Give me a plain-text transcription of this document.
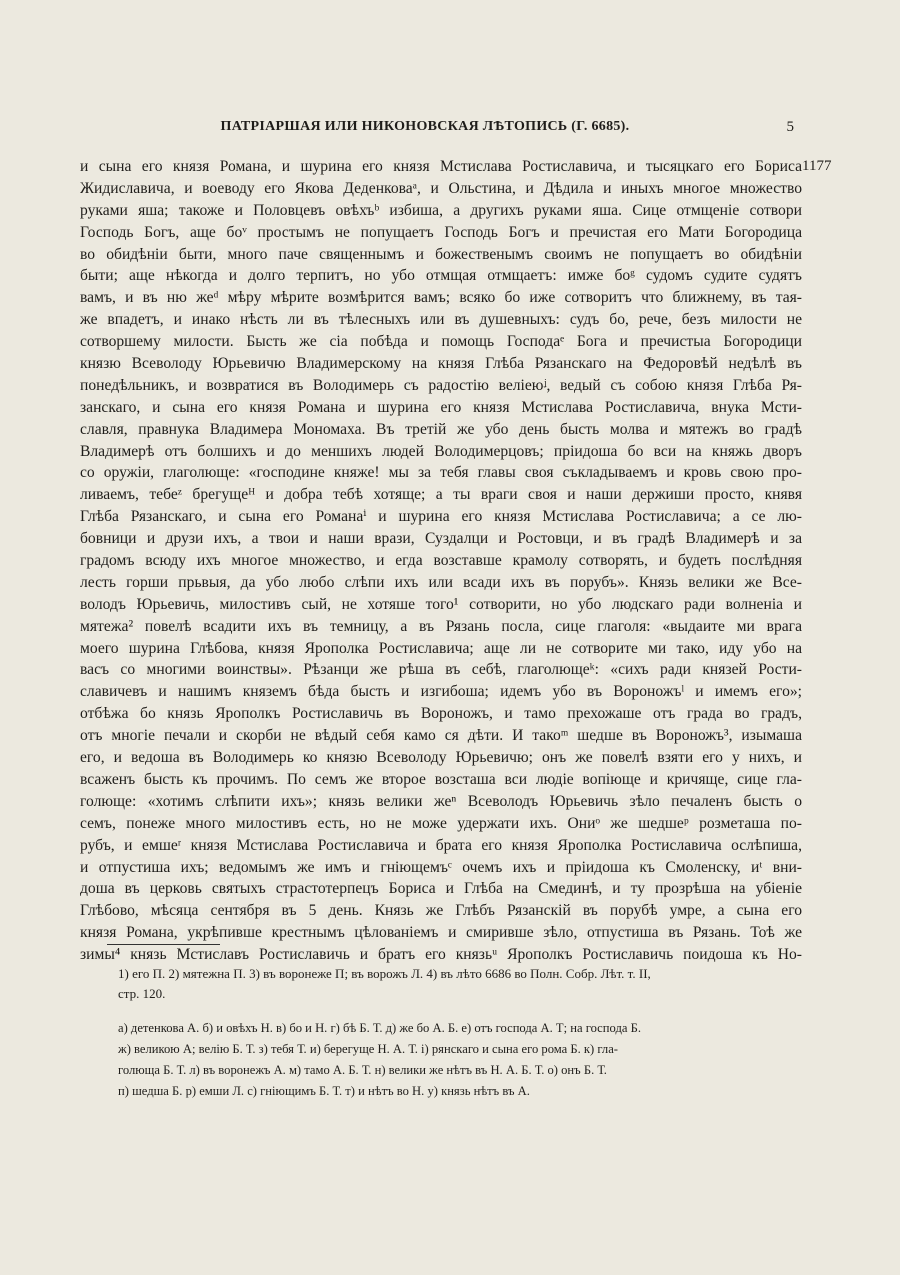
ПАТРІАРШАЯ ИЛИ НИКОНОВСКАЯ ЛѢТОПИСЬ (Г. 6685).	5
1177
и сына его князя Романа, и шурина его князя Мстислава Ростиславича, и тысяцкаго его Бориса
Жидиславича, и воеводу его Якова Деденковаᵃ, и Ольстина, и Дѣдила и иныхъ многое множество
руками яша; такоже и Половцевъ овѣхъᵇ избиша, а другихъ руками яша. Сице отмщеніе сотвори
Господь Богъ, аще боᵛ простымъ не попущаетъ Господь Богъ и пречистая его Мати Богородица
во обидѣніи быти, много паче священнымъ и божественымъ своимъ не попущаетъ во обидѣніи
быти; аще нѣкогда и долго терпитъ, но убо отмщая отмщаетъ: имже боᵍ судомъ судите судятъ
вамъ, и въ ню жеᵈ мѣру мѣрите возмѣрится вамъ; всяко бо иже сотворитъ что ближнему, въ тая-
же впадетъ, и инако нѣсть ли въ тѣлесныхъ или въ душевныхъ: судъ бо, рече, безъ милости не
сотворшему милости. Бысть же сіа побѣда и помощь Господаᵉ Бога и пречистыа Богородици
князю Всеволоду Юрьевичю Владимерскому на князя Глѣба Рязанскаго на Федоровѣй недѣлѣ въ
понедѣльникъ, и возвратися въ Володимерь съ радостію веліеюᶨ, ведый съ собою князя Глѣба Ря-
занскаго, и сына его князя Романа и шурина его князя Мстислава Ростиславича, внука Мсти-
славля, правнука Владимера Мономаха. Въ третій же убо день бысть молва и мятежъ во градѣ
Владимерѣ отъ болшихъ и до меншихъ людей Володимерцовъ; пріидоша бо вси на княжь дворъ
со оружіи, глаголюще: «господине княже! мы за тебя главы своя съкладываемъ и кровь свою про-
ливаемъ, тебеᶻ брегущеᴴ и добра тебѣ хотяще; а ты враги своя и наши держиши просто, княвя
Глѣба Рязанскаго, и сына его Романаⁱ и шурина его князя Мстислава Ростиславича; а се лю-
бовници и друзи ихъ, а твои и наши врази, Суздалци и Ростовци, и въ градѣ Владимерѣ и за
градомъ всюду ихъ многое множество, и егда возставше крамолу сотворять, и будеть послѣдняя
лесть горши прьвыя, да убо любо слѣпи ихъ или всади ихъ въ порубъ». Князь велики же Все-
володъ Юрьевичь, милостивъ сый, не хотяше того¹ сотворити, но убо людскаго ради волненіа и
мятежа² повелѣ всадити ихъ въ темницу, а въ Рязань посла, сице глаголя: «выдаите ми врага
моего шурина Глѣбова, князя Ярополка Ростиславича; аще ли не сотворите ми тако, иду убо на
васъ со многими воинствы». Рѣзанци же рѣша въ себѣ, глаголющеᵏ: «сихъ ради князей Рости-
славичевъ и нашимъ княземъ бѣда бысть и изгибоша; идемъ убо въ Вороножъˡ и имемъ его»;
отбѣжа бо князь Ярополкъ Ростиславичь въ Вороножъ, и тамо прехожаше отъ града во градъ,
отъ многіе печали и скорби не вѣдый себя камо ся дѣти. И такоᵐ шедше въ Вороножъ³, изымаша
его, и ведоша въ Володимерь ко князю Всеволоду Юрьевичю; онъ же повелѣ взяти его у нихъ, и
всаженъ бысть къ прочимъ. По семъ же второе возсташа вси людіе вопіюще и кричяще, сице гла-
голюще: «хотимъ слѣпити ихъ»; князь велики жеⁿ Всеволодъ Юрьевичь зѣло печаленъ бысть о
семъ, понеже много милостивъ есть, но не може удержати ихъ. Ониᵒ же шедшеᵖ розметаша по-
рубъ, и емшеʳ князя Мстислава Ростиславича и брата его князя Ярополка Ростиславича ослѣпиша,
и отпустиша ихъ; ведомымъ же имъ и гніющемъᶜ очемъ ихъ и пріидоша къ Смоленску, иᵗ вни-
доша въ церковь святыхъ страстотерпецъ Бориса и Глѣба на Смединѣ, и ту прозрѣша на убіеніе
Глѣбово, мѣсяца сентября въ 5 день. Князь же Глѣбъ Рязанскій въ порубѣ умре, а сына его
князя Романа, укрѣпивше крестнымъ цѣлованіемъ и смиривше зѣло, отпустиша въ Рязань. Тоѣ же
зимы⁴ князь Мстиславъ Ростиславичь и братъ его князьᵘ Ярополкъ Ростиславичь поидоша къ Но-
1) его П. 2) мятежна П. 3) въ воронеже П; въ ворожъ Л. 4) въ лѣто 6686 во Полн. Собр. Лѣт. т. II,
стр. 120.
а) детенкова А. б) и овѣхъ Н. в) бо и Н. г) бѣ Б. Т. д) же бо А. Б. е) отъ господа А. Т; на господа Б.
ж) великою А; велію Б. Т. з) тебя Т. и) берегуще Н. А. Т. і) рянскаго и сына его рома Б. к) гла-
голюща Б. Т. л) въ воронежъ А. м) тамо А. Б. Т. н) велики же нѣтъ въ Н. А. Б. Т. о) онъ Б. Т.
п) шедша Б. р) емши Л. с) гніющимъ Б. Т. т) и нѣтъ во Н. у) князь нѣтъ въ А.
